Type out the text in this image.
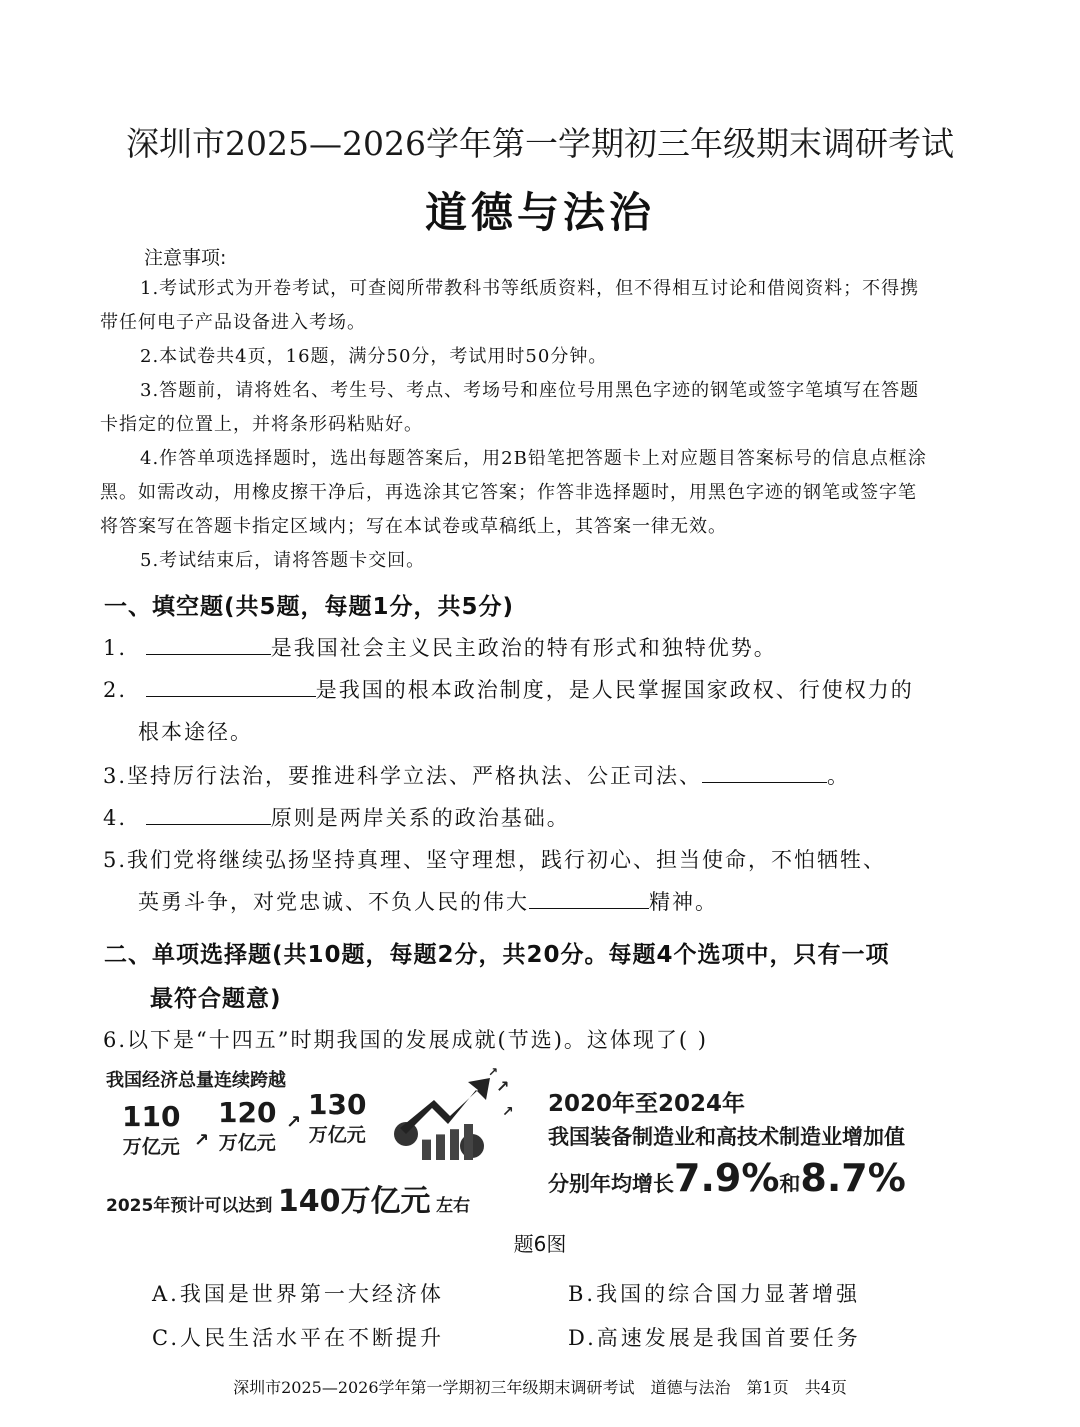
深圳市2025—2026学年第一学期初三年级期末调研考试
道德与法治
注意事项:

1.考试形式为开卷考试，可查阅所带教科书等纸质资料，但不得相互讨论和借阅资料；不得携带任何电子产品设备进入考场。

2.本试卷共4页，16题，满分50分，考试用时50分钟。

3.答题前，请将姓名、考生号、考点、考场号和座位号用黑色字迹的钢笔或签字笔填写在答题卡指定的位置上，并将条形码粘贴好。

4.作答单项选择题时，选出每题答案后，用2B铅笔把答题卡上对应题目答案标号的信息点框涂黑。如需改动，用橡皮擦干净后，再选涂其它答案；作答非选择题时，用黑色字迹的钢笔或签字笔将答案写在答题卡指定区域内；写在本试卷或草稿纸上，其答案一律无效。

5.考试结束后，请将答题卡交回。

一、填空题(共5题，每题1分，共5分)
1.	是我国社会主义民主政治的特有形式和独特优势。
2.	是我国的根本政治制度，是人民掌握国家政权、行使权力的
根本途径。
3.坚持厉行法治，要推进科学立法、严格执法、公正司法、	。
4.	原则是两岸关系的政治基础。
5.我们党将继续弘扬坚持真理、坚守理想，践行初心、担当使命，不怕牺牲、
英勇斗争，对党忠诚、不负人民的伟大	精神。
二、单项选择题(共10题，每题2分，共20分。每题4个选项中，只有一项
最符合题意)
6.以下是“十四五”时期我国的发展成就(节选)。这体现了( )
我国经济总量连续跨越
110
万亿元 ↗
120
万亿元
↗
130
万亿元
↗
↗
↗
2025年预计可以达到 140万亿元 左右
2020年至2024年
我国装备制造业和高技术制造业增加值
分别年均增长7.9%和8.7%
题6图
A.我国是世界第一大经济体	B.我国的综合国力显著增强
C.人民生活水平在不断提升	D.高速发展是我国首要任务
深圳市2025—2026学年第一学期初三年级期末调研考试　道德与法治　第1页　共4页
